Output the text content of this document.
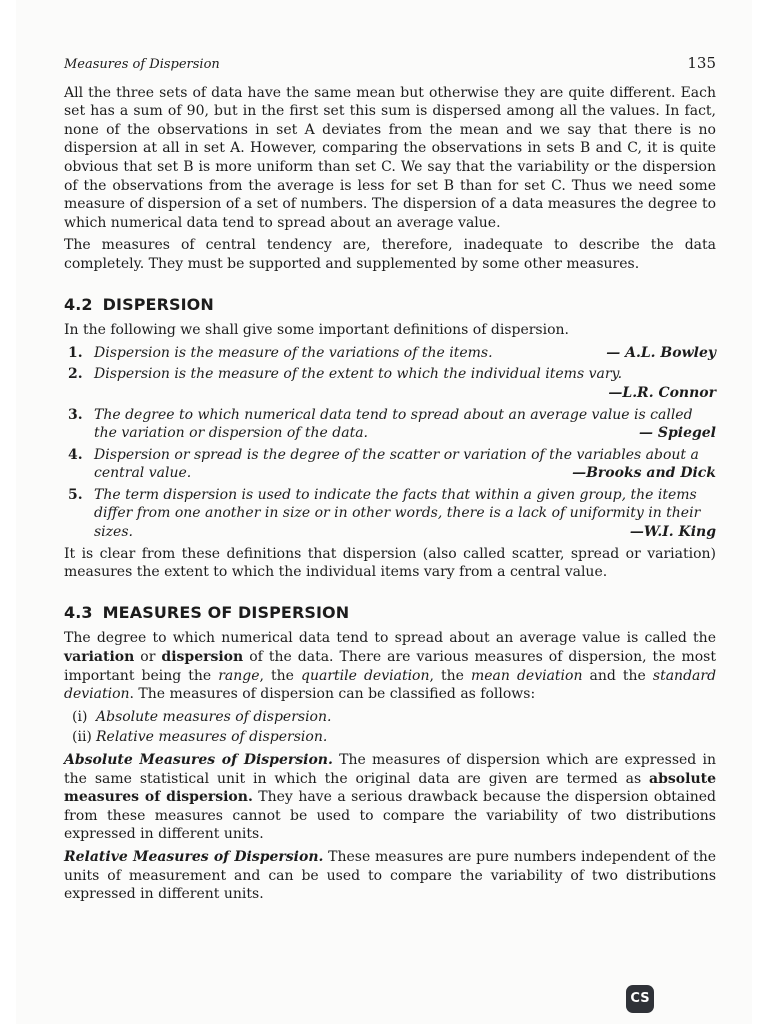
Measures of Dispersion	135

All the three sets of data have the same mean but otherwise they are quite different. Each set has a sum of 90, but in the first set this sum is dispersed among all the values. In fact, none of the observations in set A deviates from the mean and we say that there is no dispersion at all in set A. However, comparing the observations in sets B and C, it is quite obvious that set B is more uniform than set C. We say that the variability or the dispersion of the observations from the average is less for set B than for set C. Thus we need some measure of dispersion of a set of numbers. The dispersion of a data measures the degree to which numerical data tend to spread about an average value.

The measures of central tendency are, therefore, inadequate to describe the data completely. They must be supported and supplemented by some other measures.

4.2 DISPERSION

In the following we shall give some important definitions of dispersion.

1.	— A.L. Bowley
Dispersion is the measure of the variations of the items.
2. Dispersion is the measure of the extent to which the individual items vary.

—L.R. Connor
3. The degree to which numerical data tend to spread about an average value is called the variation or dispersion of the data.	— Spiegel
4. Dispersion or spread is the degree of the scatter or variation of the variables about a central value.	—Brooks and Dick
5. The term dispersion is used to indicate the facts that within a given group, the items differ from one another in size or in other words, there is a lack of uniformity in their sizes.	—W.I. King

It is clear from these definitions that dispersion (also called scatter, spread or variation) measures the extent to which the individual items vary from a central value.

4.3 MEASURES OF DISPERSION

The degree to which numerical data tend to spread about an average value is called the variation or dispersion of the data. There are various measures of dispersion, the most important being the range, the quartile deviation, the mean deviation and the standard deviation. The measures of dispersion can be classified as follows:

(i) Absolute measures of dispersion.
(ii) Relative measures of dispersion.

Absolute Measures of Dispersion. The measures of dispersion which are expressed in the same statistical unit in which the original data are given are termed as absolute measures of dispersion. They have a serious drawback because the dispersion obtained from these measures cannot be used to compare the variability of two distributions expressed in different units.

Relative Measures of Dispersion. These measures are pure numbers independent of the units of measurement and can be used to compare the variability of two distributions expressed in different units.

CS
